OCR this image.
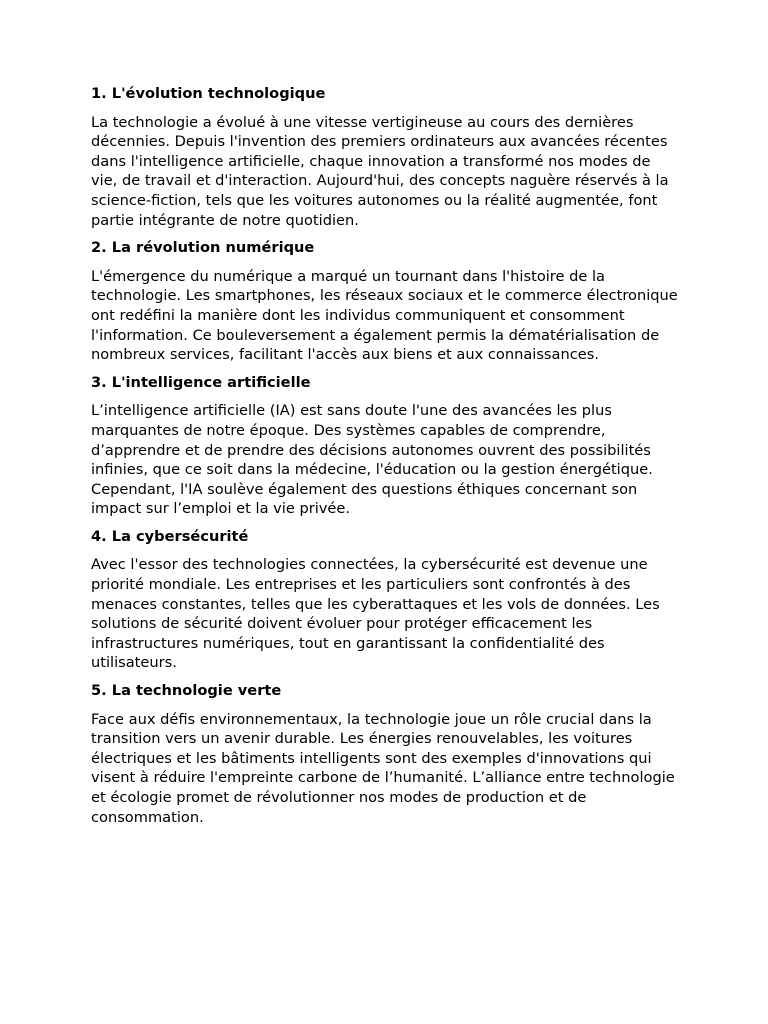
1. L'évolution technologique

La technologie a évolué à une vitesse vertigineuse au cours des dernières décennies. Depuis l'invention des premiers ordinateurs aux avancées récentes dans l'intelligence artificielle, chaque innovation a transformé nos modes de vie, de travail et d'interaction. Aujourd'hui, des concepts naguère réservés à la science-fiction, tels que les voitures autonomes ou la réalité augmentée, font partie intégrante de notre quotidien.

2. La révolution numérique

L'émergence du numérique a marqué un tournant dans l'histoire de la technologie. Les smartphones, les réseaux sociaux et le commerce électronique ont redéfini la manière dont les individus communiquent et consomment l'information. Ce bouleversement a également permis la dématérialisation de nombreux services, facilitant l'accès aux biens et aux connaissances.

3. L'intelligence artificielle

L’intelligence artificielle (IA) est sans doute l'une des avancées les plus marquantes de notre époque. Des systèmes capables de comprendre, d’apprendre et de prendre des décisions autonomes ouvrent des possibilités infinies, que ce soit dans la médecine, l'éducation ou la gestion énergétique. Cependant, l'IA soulève également des questions éthiques concernant son impact sur l’emploi et la vie privée.

4. La cybersécurité

Avec l'essor des technologies connectées, la cybersécurité est devenue une priorité mondiale. Les entreprises et les particuliers sont confrontés à des menaces constantes, telles que les cyberattaques et les vols de données. Les solutions de sécurité doivent évoluer pour protéger efficacement les infrastructures numériques, tout en garantissant la confidentialité des utilisateurs.

5. La technologie verte

Face aux défis environnementaux, la technologie joue un rôle crucial dans la transition vers un avenir durable. Les énergies renouvelables, les voitures électriques et les bâtiments intelligents sont des exemples d'innovations qui visent à réduire l'empreinte carbone de l’humanité. L’alliance entre technologie et écologie promet de révolutionner nos modes de production et de consommation.
